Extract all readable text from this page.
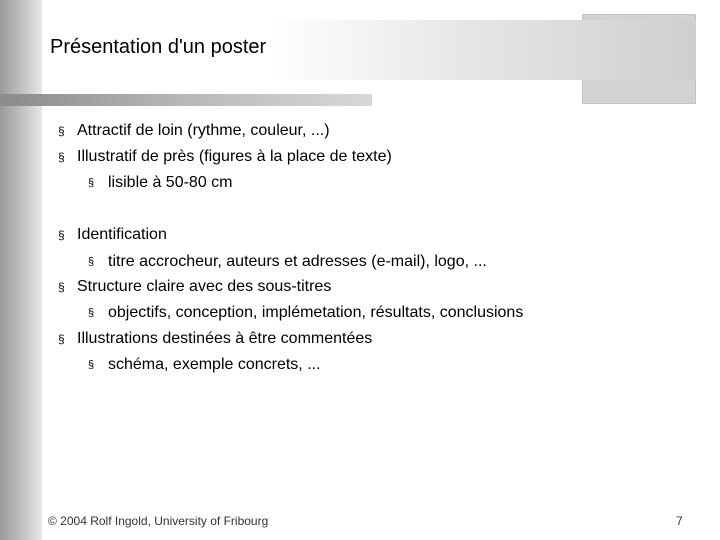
Présentation d'un poster
§ Attractif de loin (rythme, couleur, ...)
§ Illustratif de près (figures à la place de texte)
§ lisible à 50-80 cm
§ Identification
§ titre accrocheur, auteurs et adresses (e-mail), logo, ...
§ Structure claire avec des sous-titres
§ objectifs, conception, implémetation, résultats, conclusions
§ Illustrations destinées à être commentées
§ schéma, exemple concrets, ...
© 2004 Rolf Ingold, University of Fribourg	7
